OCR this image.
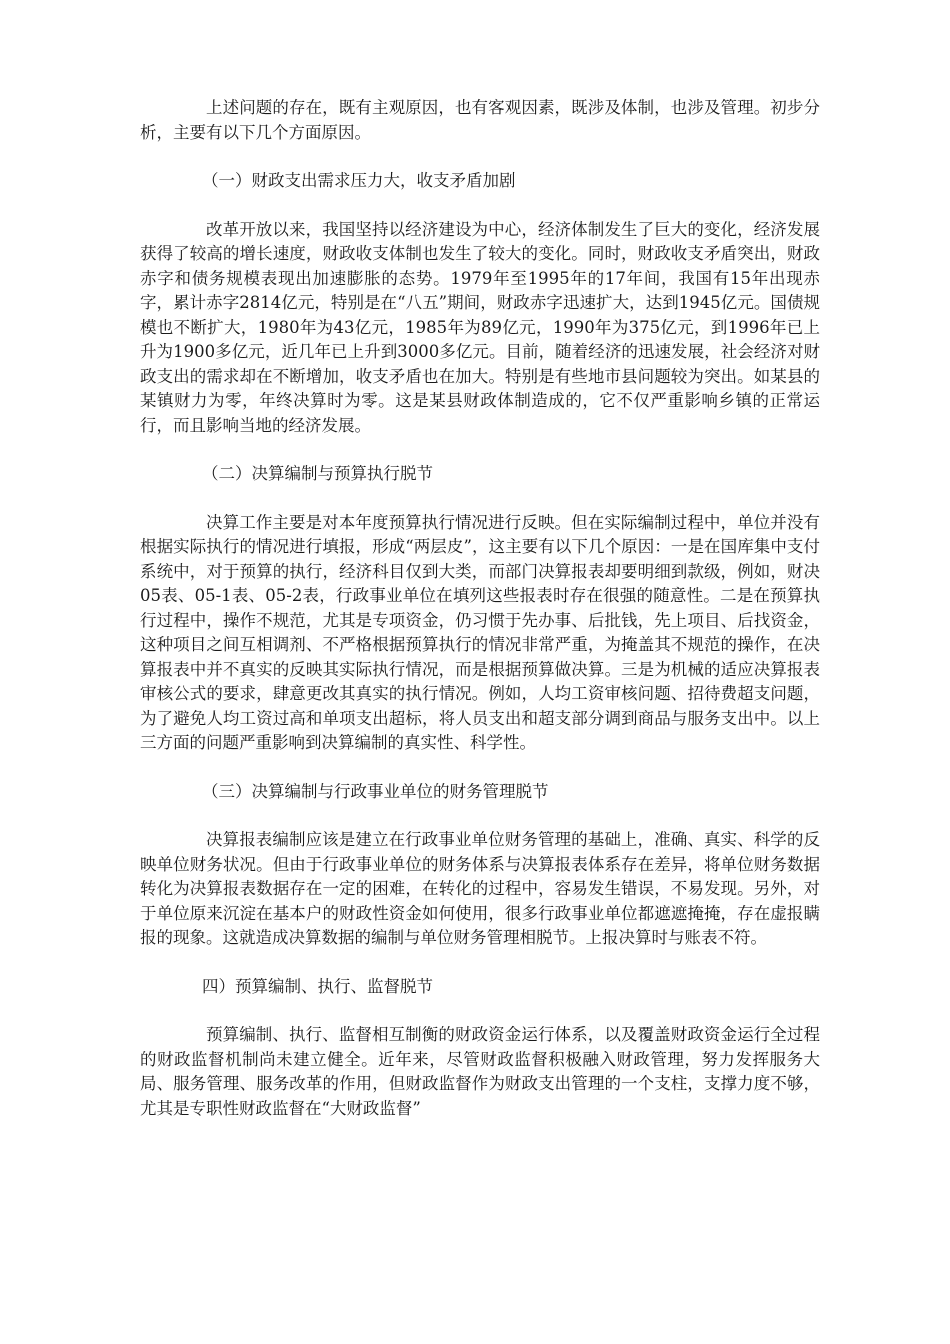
上述问题的存在，既有主观原因，也有客观因素，既涉及体制，也涉及管理。初步分析，主要有以下几个方面原因。

（一）财政支出需求压力大，收支矛盾加剧

改革开放以来，我国坚持以经济建设为中心，经济体制发生了巨大的变化，经济发展获得了较高的增长速度，财政收支体制也发生了较大的变化。同时，财政收支矛盾突出，财政赤字和债务规模表现出加速膨胀的态势。1979年至1995年的17年间，我国有15年出现赤字，累计赤字2814亿元，特别是在“八五”期间，财政赤字迅速扩大，达到1945亿元。国债规模也不断扩大，1980年为43亿元，1985年为89亿元，1990年为375亿元，到1996年已上升为1900多亿元，近几年已上升到3000多亿元。目前，随着经济的迅速发展，社会经济对财政支出的需求却在不断增加，收支矛盾也在加大。特别是有些地市县问题较为突出。如某县的某镇财力为零，年终决算时为零。这是某县财政体制造成的，它不仅严重影响乡镇的正常运行，而且影响当地的经济发展。

（二）决算编制与预算执行脱节

决算工作主要是对本年度预算执行情况进行反映。但在实际编制过程中，单位并没有根据实际执行的情况进行填报，形成“两层皮”，这主要有以下几个原因：一是在国库集中支付系统中，对于预算的执行，经济科目仅到大类，而部门决算报表却要明细到款级，例如，财决05表、05-1表、05-2表，行政事业单位在填列这些报表时存在很强的随意性。二是在预算执行过程中，操作不规范，尤其是专项资金，仍习惯于先办事、后批钱，先上项目、后找资金，这种项目之间互相调剂、不严格根据预算执行的情况非常严重，为掩盖其不规范的操作，在决算报表中并不真实的反映其实际执行情况，而是根据预算做决算。三是为机械的适应决算报表审核公式的要求，肆意更改其真实的执行情况。例如，人均工资审核问题、招待费超支问题，为了避免人均工资过高和单项支出超标，将人员支出和超支部分调到商品与服务支出中。以上三方面的问题严重影响到决算编制的真实性、科学性。

（三）决算编制与行政事业单位的财务管理脱节

决算报表编制应该是建立在行政事业单位财务管理的基础上，准确、真实、科学的反映单位财务状况。但由于行政事业单位的财务体系与决算报表体系存在差异，将单位财务数据转化为决算报表数据存在一定的困难，在转化的过程中，容易发生错误，不易发现。另外，对于单位原来沉淀在基本户的财政性资金如何使用，很多行政事业单位都遮遮掩掩，存在虚报瞒报的现象。这就造成决算数据的编制与单位财务管理相脱节。上报决算时与账表不符。

四）预算编制、执行、监督脱节

预算编制、执行、监督相互制衡的财政资金运行体系，以及覆盖财政资金运行全过程的财政监督机制尚未建立健全。近年来，尽管财政监督积极融入财政管理，努力发挥服务大局、服务管理、服务改革的作用，但财政监督作为财政支出管理的一个支柱，支撑力度不够，尤其是专职性财政监督在“大财政监督”
